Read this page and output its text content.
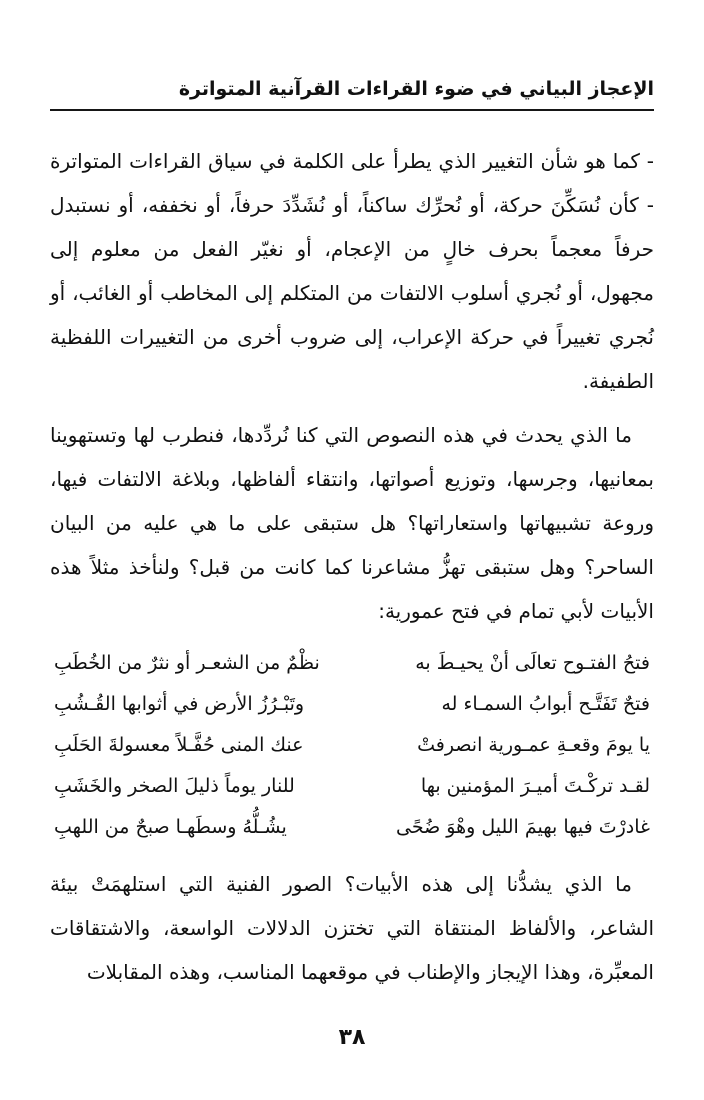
الإعجاز البياني في ضوء القراءات القرآنية المتواترة

- كما هو شأن التغيير الذي يطرأ على الكلمة في سياق القراءات المتواترة - كأن نُسَكِّنَ حركة، أو نُحرِّك ساكناً، أو نُشَدِّدَ حرفاً، أو نخففه، أو نستبدل حرفاً معجماً بحرف خالٍ من الإعجام، أو نغيّر الفعل من معلوم إلى مجهول، أو نُجري أسلوب الالتفات من المتكلم إلى المخاطب أو الغائب، أو نُجري تغييراً في حركة الإعراب، إلى ضروب أخرى من التغييرات اللفظية الطفيفة.

ما الذي يحدث في هذه النصوص التي كنا نُردِّدها، فنطرب لها وتستهوينا بمعانيها، وجرسها، وتوزيع أصواتها، وانتقاء ألفاظها، وبلاغة الالتفات فيها، وروعة تشبيهاتها واستعاراتها؟ هل ستبقى على ما هي عليه من البيان الساحر؟ وهل ستبقى تهزُّ مشاعرنا كما كانت من قبل؟ ولنأخذ مثلاً هذه الأبيات لأبي تمام في فتح عمورية:

فتحُ الفتـوح تعالَى أنْ يحيـطَ به
نظْمٌ من الشعـر أو نثرٌ من الخُطَبِ
فتحٌ تَفَتَّـح أبوابُ السمـاء له
وتَبْـرُزُ الأرض في أثوابها القُـشُبِ
يا يومَ وقعـةِ عمـورية انصرفتْ
عنك المنى حُفَّـلاً معسولةَ الحَلَبِ
لقـد تركْـتَ أميـرَ المؤمنين بها
للنار يوماً ذليلَ الصخر والخَشَبِ
غادرْتَ فيها بهيمَ الليل وهْوَ ضُحًى
يشُـلُّهُ وسطَهـا صبحٌ من اللهبِ

ما الذي يشدُّنا إلى هذه الأبيات؟ الصور الفنية التي استلهمَتْ بيئة الشاعر، والألفاظ المنتقاة التي تختزن الدلالات الواسعة، والاشتقاقات المعبِّرة، وهذا الإيجاز والإطناب في موقعهما المناسب، وهذه المقابلات

٣٨
